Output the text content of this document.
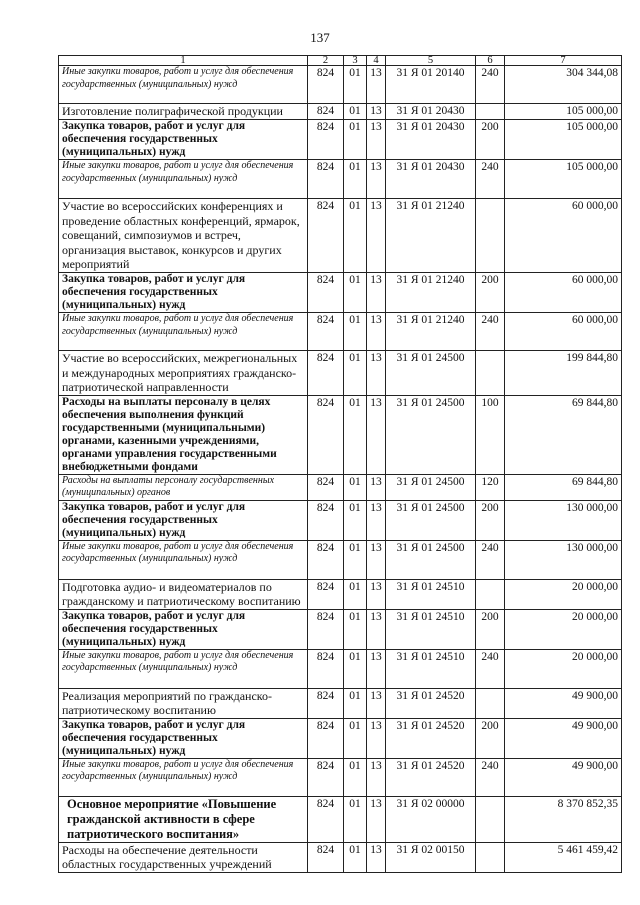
137
1	2	3	4	5	6	7
Иные закупки товаров, работ и услуг для обеспечения государственных (муниципальных) нужд	824	01	13	31 Я 01 20140	240	304 344,08
Изготовление полиграфической продукции	824	01	13	31 Я 01 20430		105 000,00
Закупка товаров, работ и услуг для обеспечения государственных (муниципальных) нужд	824	01	13	31 Я 01 20430	200	105 000,00
Иные закупки товаров, работ и услуг для обеспечения государственных (муниципальных) нужд	824	01	13	31 Я 01 20430	240	105 000,00
Участие во всероссийских конференциях и проведение областных конференций, ярмарок, совещаний, симпозиумов и встреч, организация выставок, конкурсов и других мероприятий	824	01	13	31 Я 01 21240		60 000,00
Закупка товаров, работ и услуг для обеспечения государственных (муниципальных) нужд	824	01	13	31 Я 01 21240	200	60 000,00
Иные закупки товаров, работ и услуг для обеспечения государственных (муниципальных) нужд	824	01	13	31 Я 01 21240	240	60 000,00
Участие во всероссийских, межрегиональных и международных мероприятиях гражданско-патриотической направленности	824	01	13	31 Я 01 24500		199 844,80
Расходы на выплаты персоналу в целях обеспечения выполнения функций государственными (муниципальными) органами, казенными учреждениями, органами управления государственными внебюджетными фондами	824	01	13	31 Я 01 24500	100	69 844,80
Расходы на выплаты персоналу государственных (муниципальных) органов	824	01	13	31 Я 01 24500	120	69 844,80
Закупка товаров, работ и услуг для обеспечения государственных (муниципальных) нужд	824	01	13	31 Я 01 24500	200	130 000,00
Иные закупки товаров, работ и услуг для обеспечения государственных (муниципальных) нужд	824	01	13	31 Я 01 24500	240	130 000,00
Подготовка аудио- и видеоматериалов по гражданскому и патриотическому воспитанию	824	01	13	31 Я 01 24510		20 000,00
Закупка товаров, работ и услуг для обеспечения государственных (муниципальных) нужд	824	01	13	31 Я 01 24510	200	20 000,00
Иные закупки товаров, работ и услуг для обеспечения государственных (муниципальных) нужд	824	01	13	31 Я 01 24510	240	20 000,00
Реализация мероприятий по гражданско-патриотическому воспитанию	824	01	13	31 Я 01 24520		49 900,00
Закупка товаров, работ и услуг для обеспечения государственных (муниципальных) нужд	824	01	13	31 Я 01 24520	200	49 900,00
Иные закупки товаров, работ и услуг для обеспечения государственных (муниципальных) нужд	824	01	13	31 Я 01 24520	240	49 900,00
Основное мероприятие «Повышение гражданской активности в сфере патриотического воспитания»	824	01	13	31 Я 02 00000		8 370 852,35
Расходы на обеспечение деятельности областных государственных учреждений	824	01	13	31 Я 02 00150		5 461 459,42
